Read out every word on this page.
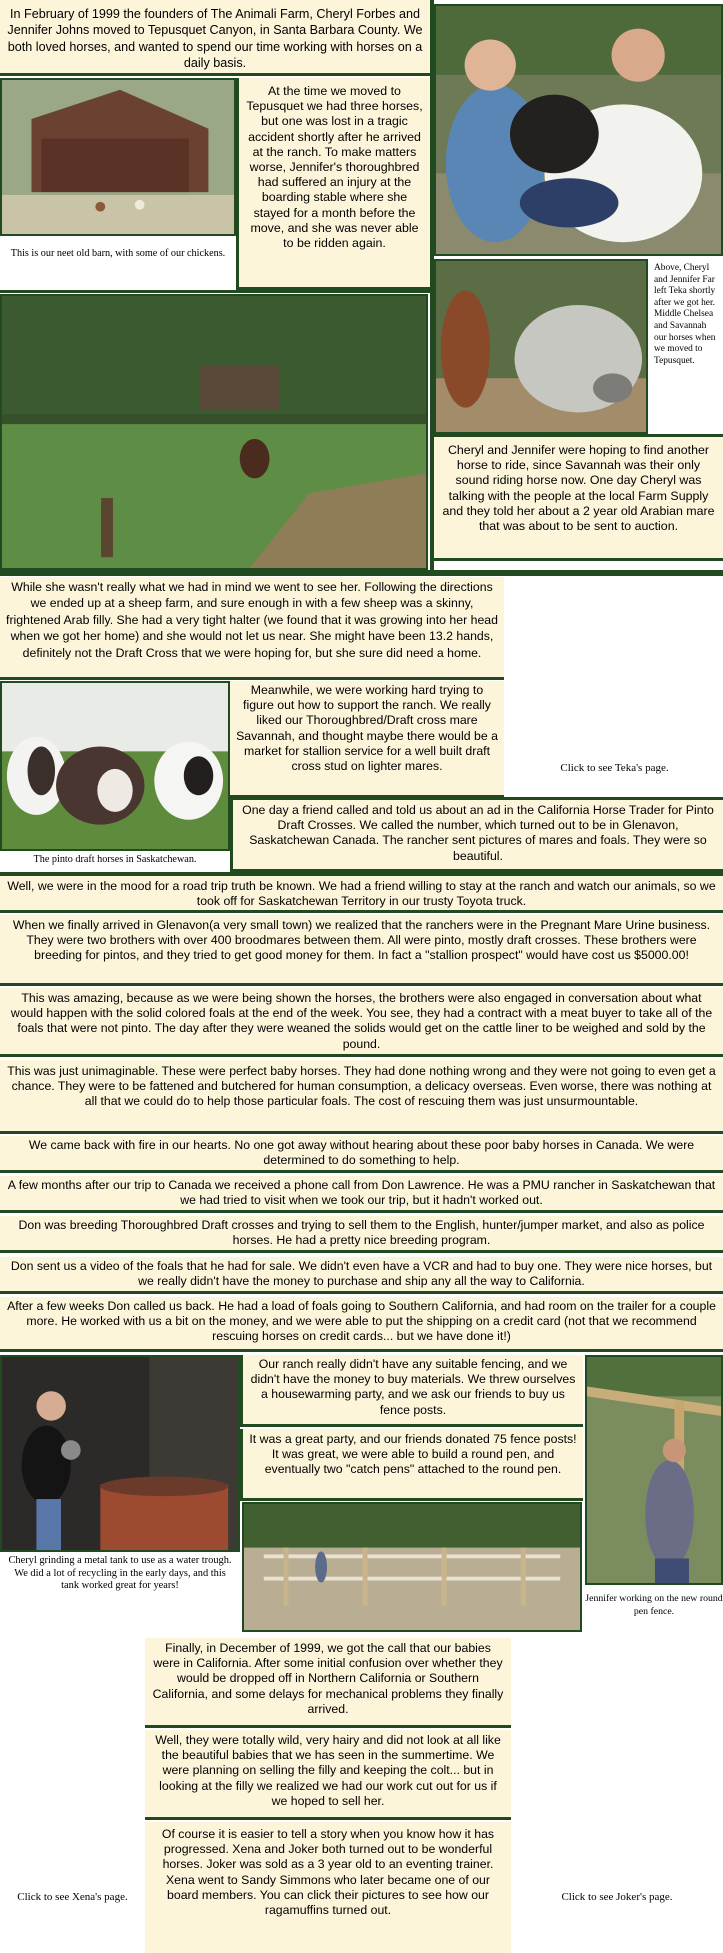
In February of 1999 the founders of The Animali Farm, Cheryl Forbes and Jennifer Johns moved to Tepusquet Canyon, in Santa Barbara County. We both loved horses, and wanted to spend our time working with horses on a daily basis.
This is our neet old barn, with some of our chickens.
At the time we moved to Tepusquet we had three horses, but one was lost in a tragic accident shortly after he arrived at the ranch. To make matters worse, Jennifer's thoroughbred had suffered an injury at the boarding stable where she stayed for a month before the move, and she was never able to be ridden again.
Above, Cheryl and Jennifer Far left Teka shortly after we got her. Middle Chelsea and Savannah our horses when we moved to Tepusquet.
Cheryl and Jennifer were hoping to find another horse to ride, since Savannah was their only sound riding horse now. One day Cheryl was talking with the people at the local Farm Supply and they told her about a 2 year old Arabian mare that was about to be sent to auction.
While she wasn't really what we had in mind we went to see her. Following the directions we ended up at a sheep farm, and sure enough in with a few sheep was a skinny, frightened Arab filly. She had a very tight halter (we found that it was growing into her head when we got her home) and she would not let us near. She might have been 13.2 hands, definitely not the Draft Cross that we were hoping for, but she sure did need a home.
Click to see Teka's page.
The pinto draft horses in Saskatchewan.
Meanwhile, we were working hard trying to figure out how to support the ranch. We really liked our Thoroughbred/Draft cross mare Savannah, and thought maybe there would be a market for stallion service for a well built draft cross stud on lighter mares.
One day a friend called and told us about an ad in the California Horse Trader for Pinto Draft Crosses. We called the number, which turned out to be in Glenavon, Saskatchewan Canada. The rancher sent pictures of mares and foals. They were so beautiful.
Well, we were in the mood for a road trip truth be known. We had a friend willing to stay at the ranch and watch our animals, so we took off for Saskatchewan Territory in our trusty Toyota truck.
When we finally arrived in Glenavon(a very small town) we realized that the ranchers were in the Pregnant Mare Urine business. They were two brothers with over 400 broodmares between them. All were pinto, mostly draft crosses. These brothers were breeding for pintos, and they tried to get good money for them. In fact a "stallion prospect" would have cost us $5000.00!
This was amazing, because as we were being shown the horses, the brothers were also engaged in conversation about what would happen with the solid colored foals at the end of the week. You see, they had a contract with a meat buyer to take all of the foals that were not pinto. The day after they were weaned the solids would get on the cattle liner to be weighed and sold by the pound.
This was just unimaginable. These were perfect baby horses. They had done nothing wrong and they were not going to even get a chance. They were to be fattened and butchered for human consumption, a delicacy overseas. Even worse, there was nothing at all that we could do to help those particular foals. The cost of rescuing them was just unsurmountable.
We came back with fire in our hearts. No one got away without hearing about these poor baby horses in Canada. We were determined to do something to help.
A few months after our trip to Canada we received a phone call from Don Lawrence. He was a PMU rancher in Saskatchewan that we had tried to visit when we took our trip, but it hadn't worked out.
Don was breeding Thoroughbred Draft crosses and trying to sell them to the English, hunter/jumper market, and also as police horses. He had a pretty nice breeding program.
Don sent us a video of the foals that he had for sale. We didn't even have a VCR and had to buy one. They were nice horses, but we really didn't have the money to purchase and ship any all the way to California.
After a few weeks Don called us back. He had a load of foals going to Southern California, and had room on the trailer for a couple more. He worked with us a bit on the money, and we were able to put the shipping on a credit card (not that we recommend rescuing horses on credit cards... but we have done it!)
Cheryl grinding a metal tank to use as a water trough. We did a lot of recycling in the early days, and this tank worked great for years!
Our ranch really didn't have any suitable fencing, and we didn't have the money to buy materials. We threw ourselves a housewarming party, and we ask our friends to buy us fence posts.
It was a great party, and our friends donated 75 fence posts! It was great, we were able to build a round pen, and eventually two "catch pens" attached to the round pen.
Jennifer working on the new round pen fence.
Finally, in December of 1999, we got the call that our babies were in California. After some initial confusion over whether they would be dropped off in Northern California or Southern California, and some delays for mechanical problems they finally arrived.
Well, they were totally wild, very hairy and did not look at all like the beautiful babies that we has seen in the summertime. We were planning on selling the filly and keeping the colt... but in looking at the filly we realized we had our work cut out for us if we hoped to sell her.
Of course it is easier to tell a story when you know how it has progressed. Xena and Joker both turned out to be wonderful horses. Joker was sold as a 3 year old to an eventing trainer. Xena went to Sandy Simmons who later became one of our board members. You can click their pictures to see how our ragamuffins turned out.
Click to see Xena's page.	Click to see Joker's page.
